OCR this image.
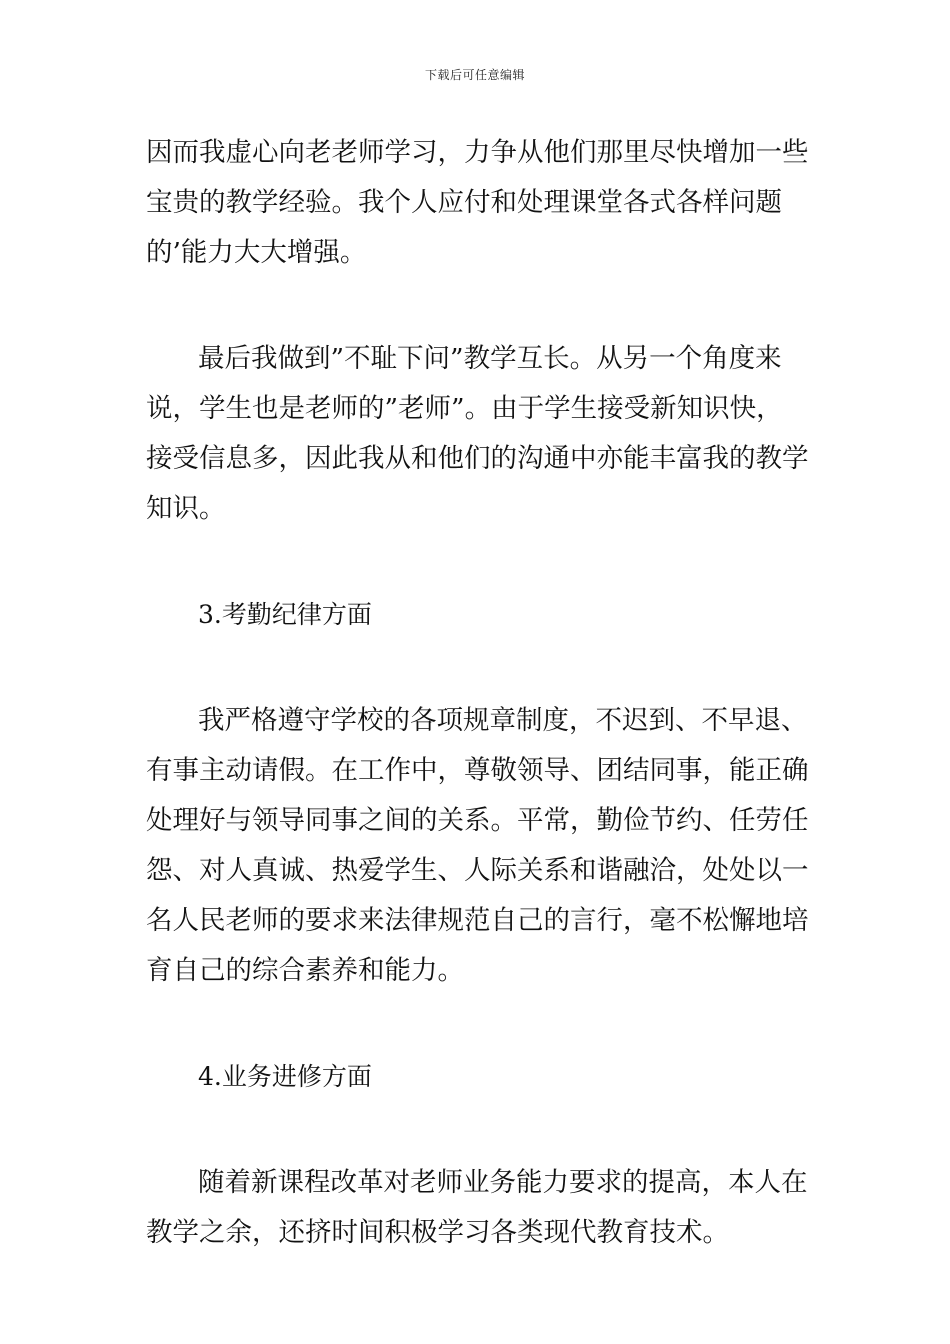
下载后可任意编辑
因而我虚心向老老师学习，力争从他们那里尽快增加一些
宝贵的教学经验。我个人应付和处理课堂各式各样问题
的’能力大大增强。
最后我做到”不耻下问”教学互长。从另一个角度来
说，学生也是老师的”老师”。由于学生接受新知识快，
接受信息多，因此我从和他们的沟通中亦能丰富我的教学
知识。
3.考勤纪律方面
我严格遵守学校的各项规章制度，不迟到、不早退、
有事主动请假。在工作中，尊敬领导、团结同事，能正确
处理好与领导同事之间的关系。平常，勤俭节约、任劳任
怨、对人真诚、热爱学生、人际关系和谐融洽，处处以一
名人民老师的要求来法律规范自己的言行，毫不松懈地培
育自己的综合素养和能力。
4.业务进修方面
随着新课程改革对老师业务能力要求的提高，本人在
教学之余，还挤时间积极学习各类现代教育技术。
